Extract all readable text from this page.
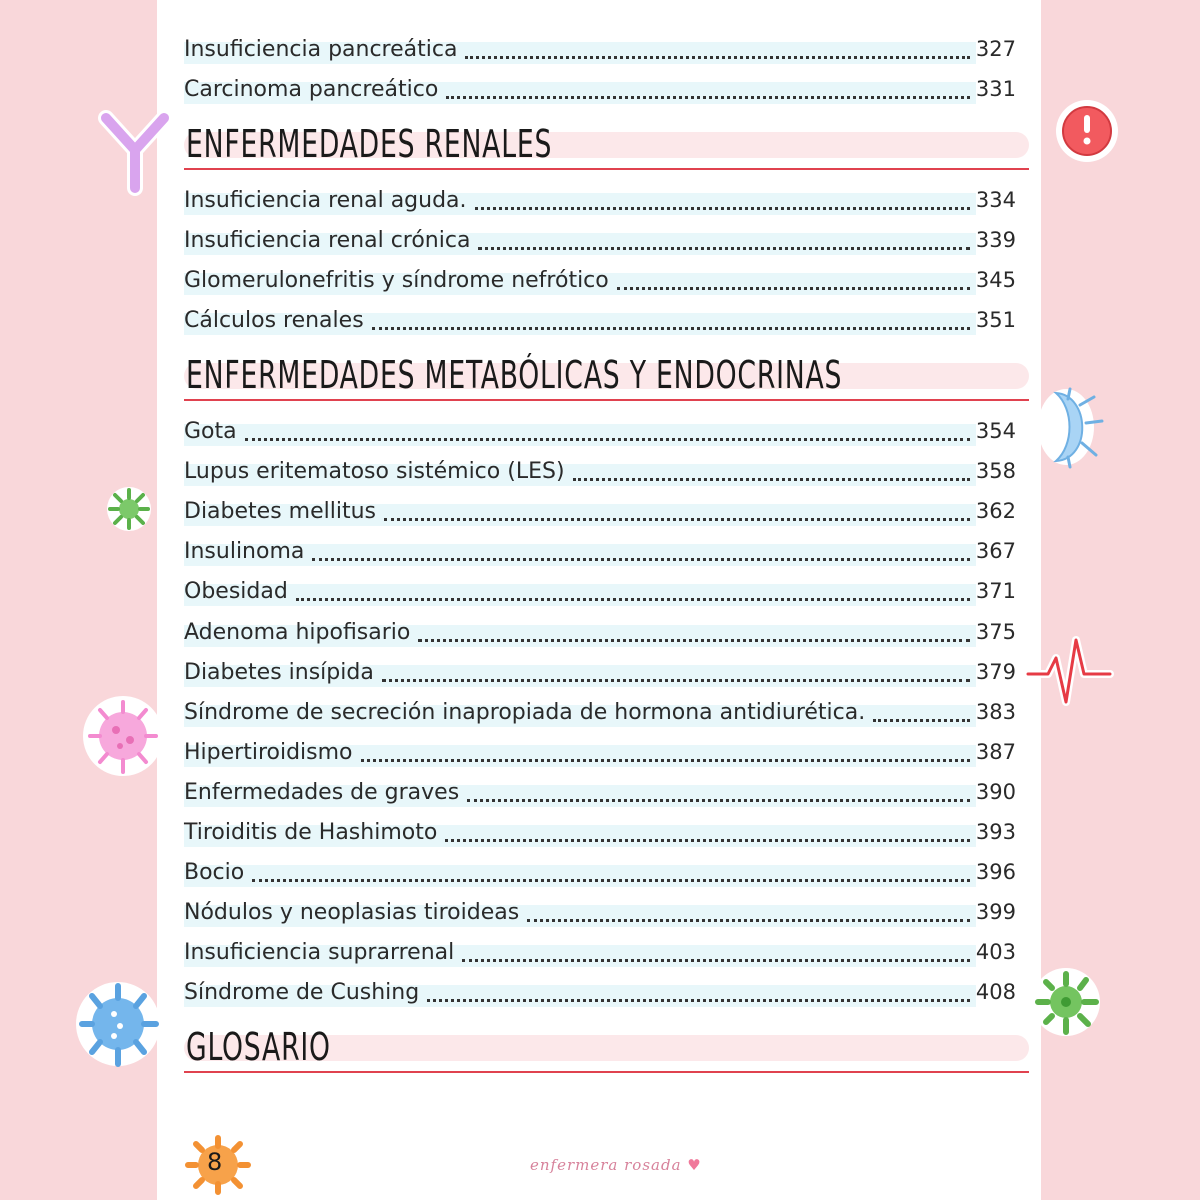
Insuficiencia pancreática	327
Carcinoma pancreático	331
ENFERMEDADES RENALES
Insuficiencia renal aguda.	334
Insuficiencia renal crónica	339
Glomerulonefritis y síndrome nefrótico	345
Cálculos renales	351
ENFERMEDADES METABÓLICAS Y ENDOCRINAS
Gota	354
Lupus eritematoso sistémico (LES)	358
Diabetes mellitus	362
Insulinoma	367
Obesidad	371
Adenoma hipofisario	375
Diabetes insípida	379
Síndrome de secreción inapropiada de hormona antidiurética.	383
Hipertiroidismo	387
Enfermedades de graves	390
Tiroiditis de Hashimoto	393
Bocio	396
Nódulos y neoplasias tiroideas	399
Insuficiencia suprarrenal	403
Síndrome de Cushing	408
GLOSARIO
8	enfermera rosada ♥
